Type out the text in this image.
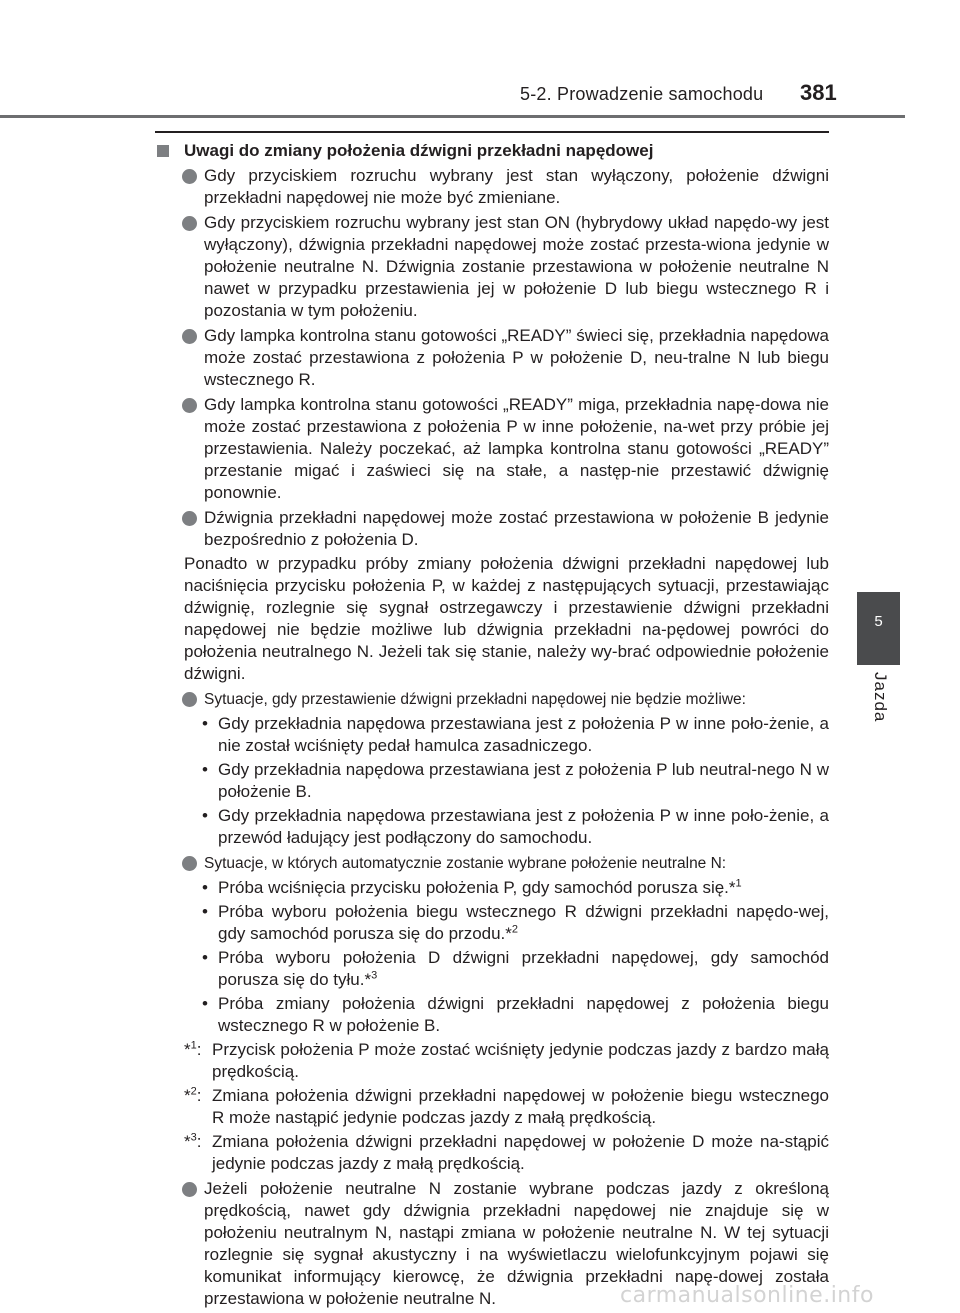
5-2. Prowadzenie samochodu 381
5
Jazda
Uwagi do zmiany położenia dźwigni przekładni napędowej
Gdy przyciskiem rozruchu wybrany jest stan wyłączony, położenie dźwigni przekładni napędowej nie może być zmieniane.
Gdy przyciskiem rozruchu wybrany jest stan ON (hybrydowy układ napędo-wy jest wyłączony), dźwignia przekładni napędowej może zostać przesta-wiona jedynie w położenie neutralne N. Dźwignia zostanie przestawiona w położenie neutralne N nawet w przypadku przestawienia jej w położenie D lub biegu wstecznego R i pozostania w tym położeniu.
Gdy lampka kontrolna stanu gotowości „READY” świeci się, przekładnia napędowa może zostać przestawiona z położenia P w położenie D, neu-tralne N lub biegu wstecznego R.
Gdy lampka kontrolna stanu gotowości „READY” miga, przekładnia napę-dowa nie może zostać przestawiona z położenia P w inne położenie, na-wet przy próbie jej przestawienia. Należy poczekać, aż lampka kontrolna stanu gotowości „READY” przestanie migać i zaświeci się na stałe, a następ-nie przestawić dźwignię ponownie.
Dźwignia przekładni napędowej może zostać przestawiona w położenie B jedynie bezpośrednio z położenia D.
Ponadto w przypadku próby zmiany położenia dźwigni przekładni napędowej lub naciśnięcia przycisku położenia P, w każdej z następujących sytuacji, przestawiając dźwignię, rozlegnie się sygnał ostrzegawczy i przestawienie dźwigni przekładni napędowej nie będzie możliwe lub dźwignia przekładni na-pędowej powróci do położenia neutralnego N. Jeżeli tak się stanie, należy wy-brać odpowiednie położenie dźwigni.
Sytuacje, gdy przestawienie dźwigni przekładni napędowej nie będzie możliwe:
• Gdy przekładnia napędowa przestawiana jest z położenia P w inne poło-żenie, a nie został wciśnięty pedał hamulca zasadniczego.
• Gdy przekładnia napędowa przestawiana jest z położenia P lub neutral-nego N w położenie B.
• Gdy przekładnia napędowa przestawiana jest z położenia P w inne poło-żenie, a przewód ładujący jest podłączony do samochodu.
Sytuacje, w których automatycznie zostanie wybrane położenie neutralne N:
• Próba wciśnięcia przycisku położenia P, gdy samochód porusza się.*$^1$
• Próba wyboru położenia biegu wstecznego R dźwigni przekładni napędo-wej, gdy samochód porusza się do przodu.*$^2$
• Próba wyboru położenia D dźwigni przekładni napędowej, gdy samochód porusza się do tyłu.*$^3$
• Próba zmiany położenia dźwigni przekładni napędowej z położenia biegu wstecznego R w położenie B.
*$^1$: Przycisk położenia P może zostać wciśnięty jedynie podczas jazdy z bardzo małą prędkością.
*$^2$: Zmiana położenia dźwigni przekładni napędowej w położenie biegu wstecznego R może nastąpić jedynie podczas jazdy z małą prędkością.
*$^3$: Zmiana położenia dźwigni przekładni napędowej w położenie D może na-stąpić jedynie podczas jazdy z małą prędkością.
Jeżeli położenie neutralne N zostanie wybrane podczas jazdy z określoną prędkością, nawet gdy dźwignia przekładni napędowej nie znajduje się w położeniu neutralnym N, nastąpi zmiana w położenie neutralne N. W tej sytuacji rozlegnie się sygnał akustyczny i na wyświetlaczu wielofunkcyjnym pojawi się komunikat informujący kierowcę, że dźwignia przekładni napę-dowej została przestawiona w położenie neutralne N.	carmanualsonline.info
